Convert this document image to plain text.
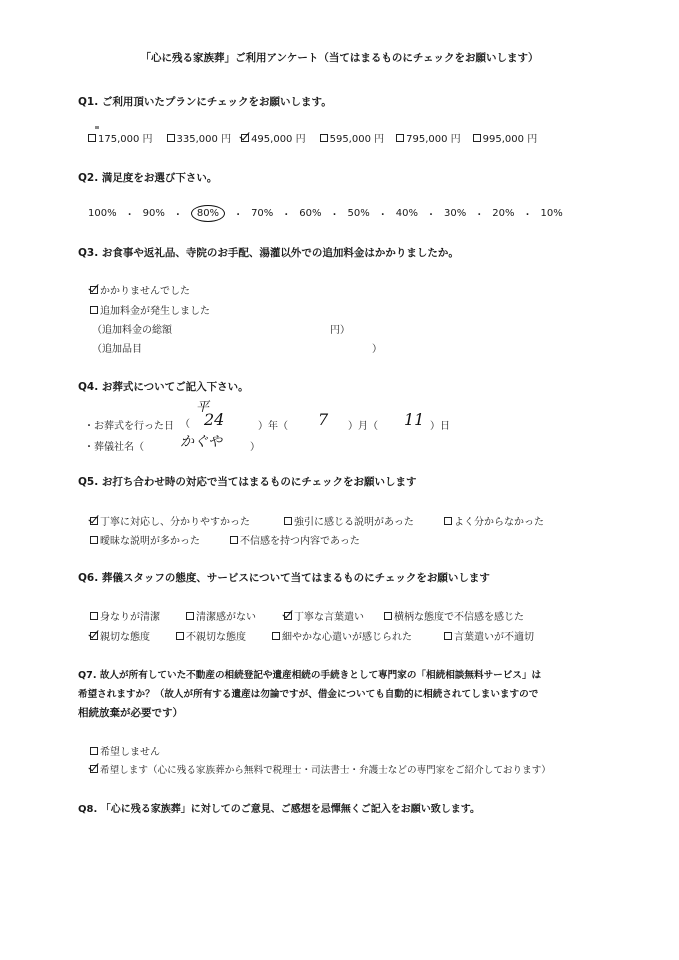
「心に残る家族葬」ご利用アンケート（当てはまるものにチェックをお願いします）
Q1. ご利用頂いたプランにチェックをお願いします。
175,000 円	335,000 円	495,000 円	595,000 円	795,000 円	995,000 円
Q2. 満足度をお選び下さい。
100% ・ 90% ・	80%	・ 70% ・ 60% ・ 50% ・ 40% ・ 30% ・ 20% ・ 10%
Q3. お食事や返礼品、寺院のお手配、湯灌以外での追加料金はかかりましたか。
かかりませんでした
追加料金が発生しました
（追加料金の総額	円）
（追加品目	）
Q4. お葬式についてご記入下さい。
・お葬式を行った日 （
平
24	）年（ 7 ）月（ 11 ）日
・葬儀社名（	かぐや	）
Q5. お打ち合わせ時の対応で当てはまるものにチェックをお願いします
丁寧に対応し、分かりやすかった	強引に感じる説明があった	よく分からなかった
曖昧な説明が多かった	不信感を持つ内容であった
Q6. 葬儀スタッフの態度、サービスについて当てはまるものにチェックをお願いします
身なりが清潔	清潔感がない	丁寧な言葉遣い	横柄な態度で不信感を感じた
親切な態度	不親切な態度	細やかな心遣いが感じられた	言葉遣いが不適切
Q7. 故人が所有していた不動産の相続登記や遺産相続の手続きとして専門家の「相続相談無料サービス」は
希望されますか？（故人が所有する遺産は勿論ですが、借金についても自動的に相続されてしまいますので
相続放棄が必要です）
希望しません
希望します（心に残る家族葬から無料で税理士・司法書士・弁護士などの専門家をご紹介しております）
Q8. 「心に残る家族葬」に対してのご意見、ご感想を忌憚無くご記入をお願い致します。
